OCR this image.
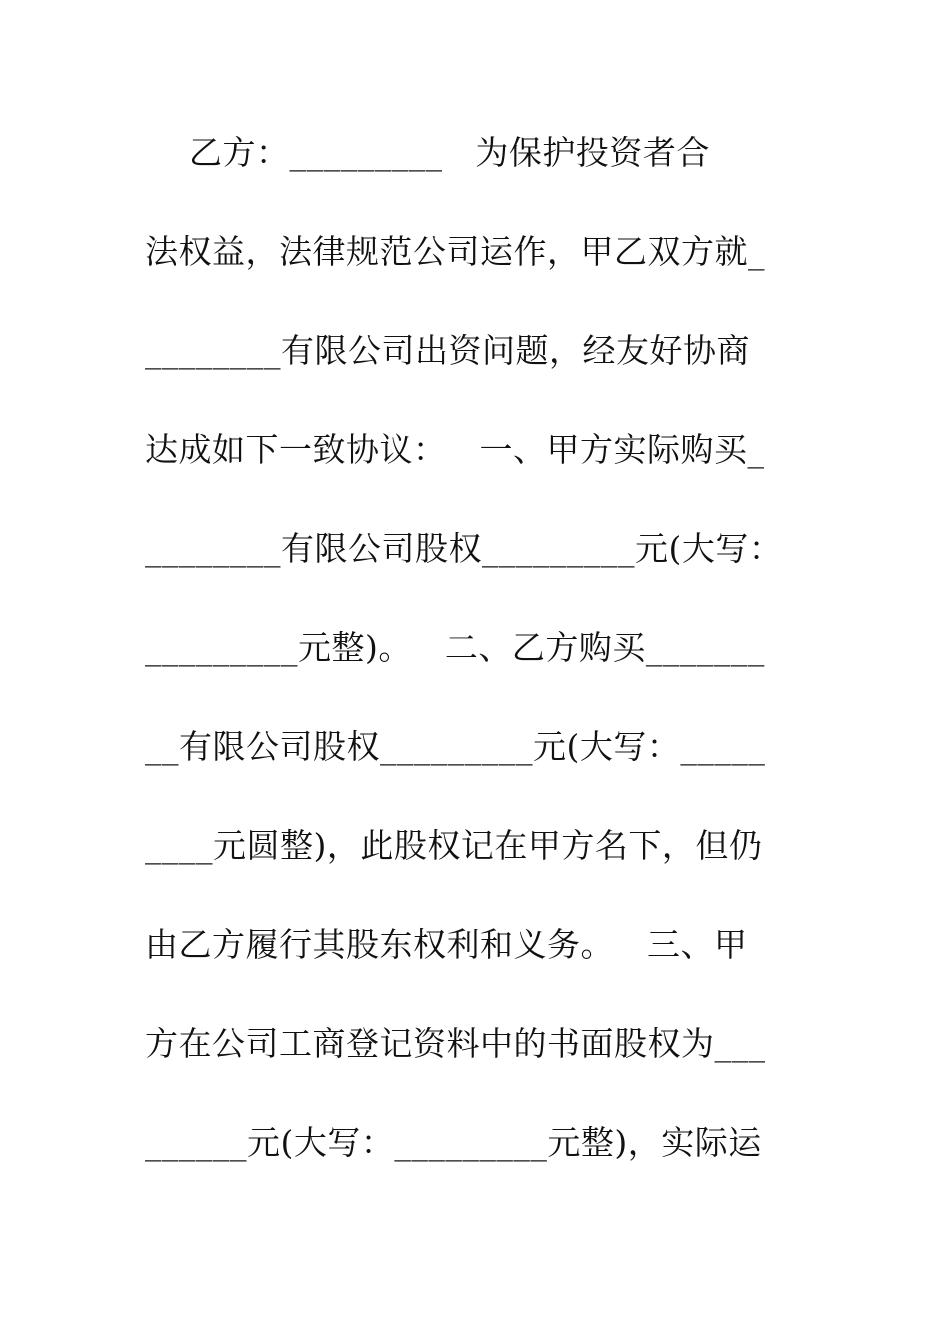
乙方：_________   为保护投资者合
法权益，法律规范公司运作，甲乙双方就_
________有限公司出资问题，经友好协商
达成如下一致协议：   一、甲方实际购买_
________有限公司股权_________元(大写：
_________元整)。   二、乙方购买_______
__有限公司股权_________元(大写：_____
____元圆整)，此股权记在甲方名下，但仍
由乙方履行其股东权利和义务。   三、甲
方在公司工商登记资料中的书面股权为___
______元(大写：_________元整)，实际运
